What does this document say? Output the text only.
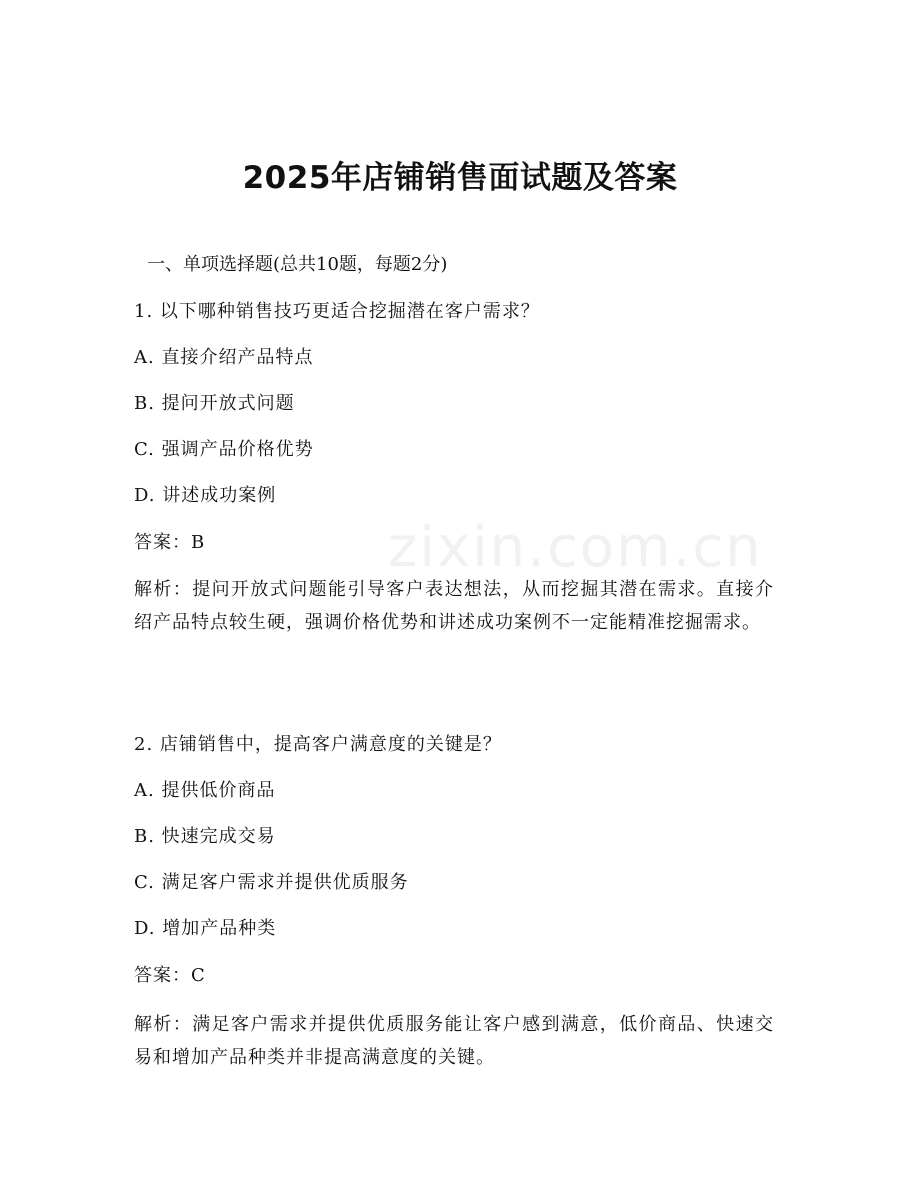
zixin.com.cn
2025年店铺销售面试题及答案

一、单项选择题(总共10题，每题2分)

1. 以下哪种销售技巧更适合挖掘潜在客户需求？

A. 直接介绍产品特点

B. 提问开放式问题

C. 强调产品价格优势

D. 讲述成功案例

答案：B

解析：提问开放式问题能引导客户表达想法，从而挖掘其潜在需求。直接介绍产品特点较生硬，强调价格优势和讲述成功案例不一定能精准挖掘需求。

2. 店铺销售中，提高客户满意度的关键是？

A. 提供低价商品

B. 快速完成交易

C. 满足客户需求并提供优质服务

D. 增加产品种类

答案：C

解析：满足客户需求并提供优质服务能让客户感到满意，低价商品、快速交易和增加产品种类并非提高满意度的关键。
